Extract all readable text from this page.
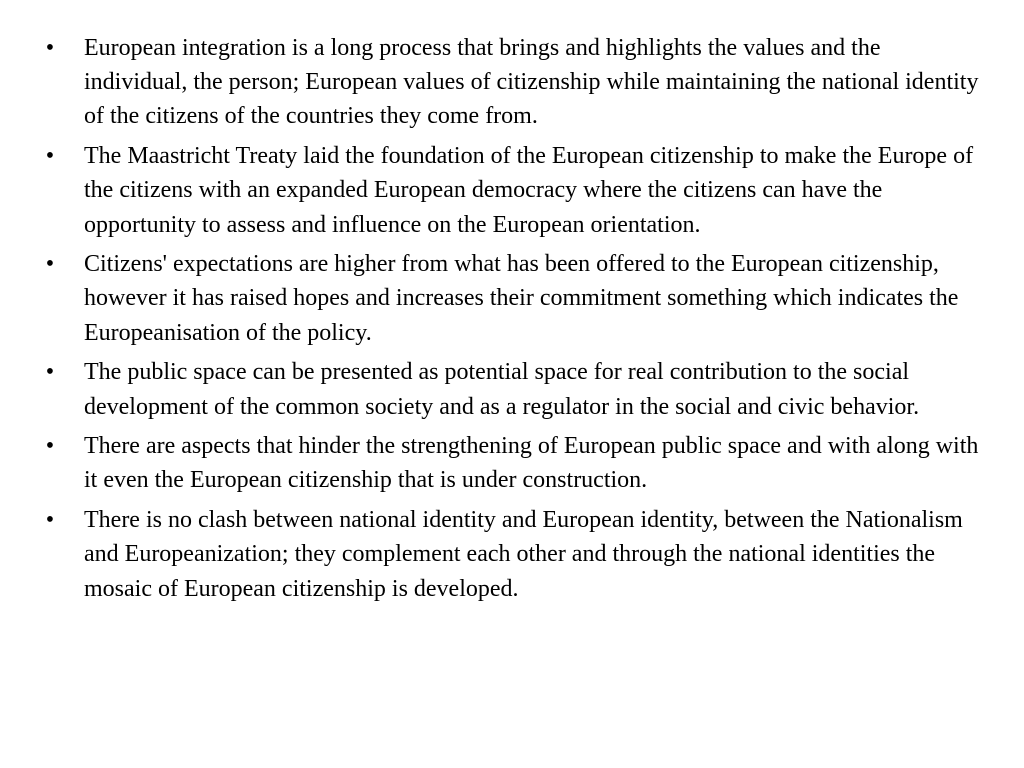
• European integration is a long process that brings and highlights the values and the individual, the person; European values of citizenship while maintaining the national identity of the citizens of the countries they come from.
• The Maastricht Treaty laid the foundation of the European citizenship to make the Europe of the citizens with an expanded European democracy where the citizens can have the opportunity to assess and influence on the European orientation.
• Citizens' expectations are higher from what has been offered to the European citizenship, however it has raised hopes and increases their commitment something which indicates the Europeanisation of the policy.
• The public space can be presented as potential space for real contribution to the social development of the common society and as a regulator in the social and civic behavior.
• There are aspects that hinder the strengthening of European public space and with along with it even the European citizenship that is under construction.
• There is no clash between national identity and European identity, between the Nationalism and Europeanization; they complement each other and through the national identities the mosaic of European citizenship is developed.
